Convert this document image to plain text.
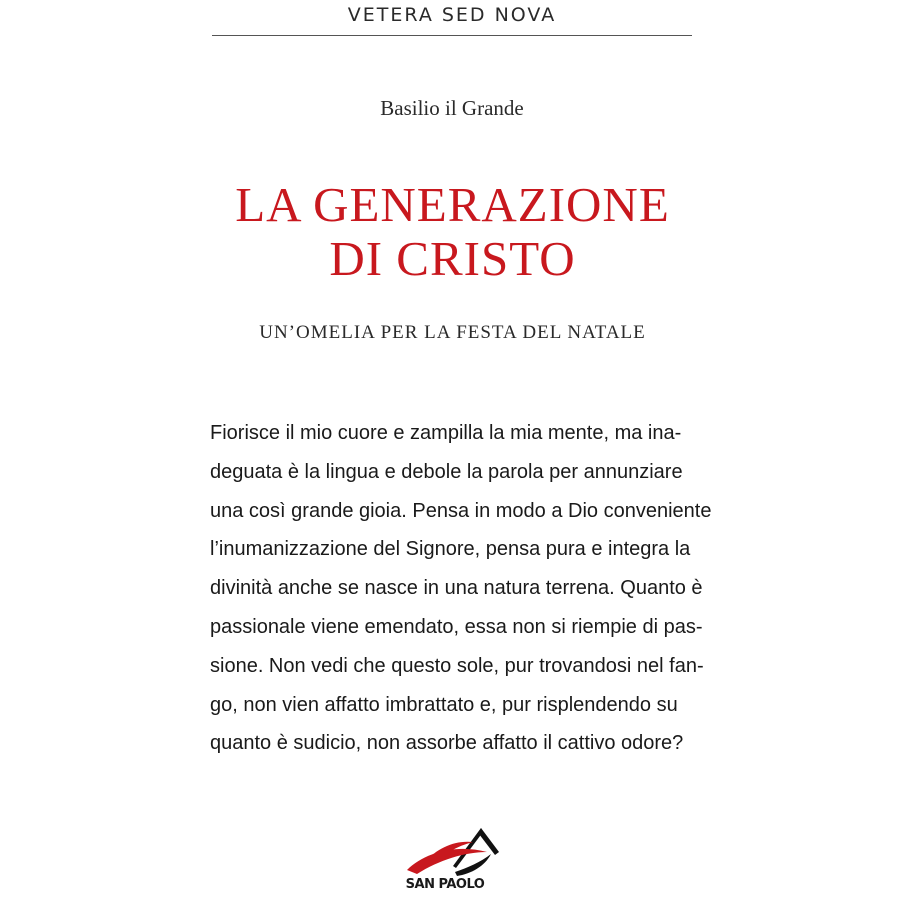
VETERA SED NOVA
Basilio il Grande
LA GENERAZIONE
DI CRISTO
UN’OMELIA PER LA FESTA DEL NATALE
Fiorisce il mio cuore e zampilla la mia mente, ma ina-
deguata è la lingua e debole la parola per annunziare
una così grande gioia. Pensa in modo a Dio conveniente
l’inumanizzazione del Signore, pensa pura e integra la
divinità anche se nasce in una natura terrena. Quanto è
passionale viene emendato, essa non si riempie di pas-
sione. Non vedi che questo sole, pur trovandosi nel fan-
go, non vien affatto imbrattato e, pur risplendendo su
quanto è sudicio, non assorbe affatto il cattivo odore?
SAN PAOLO
